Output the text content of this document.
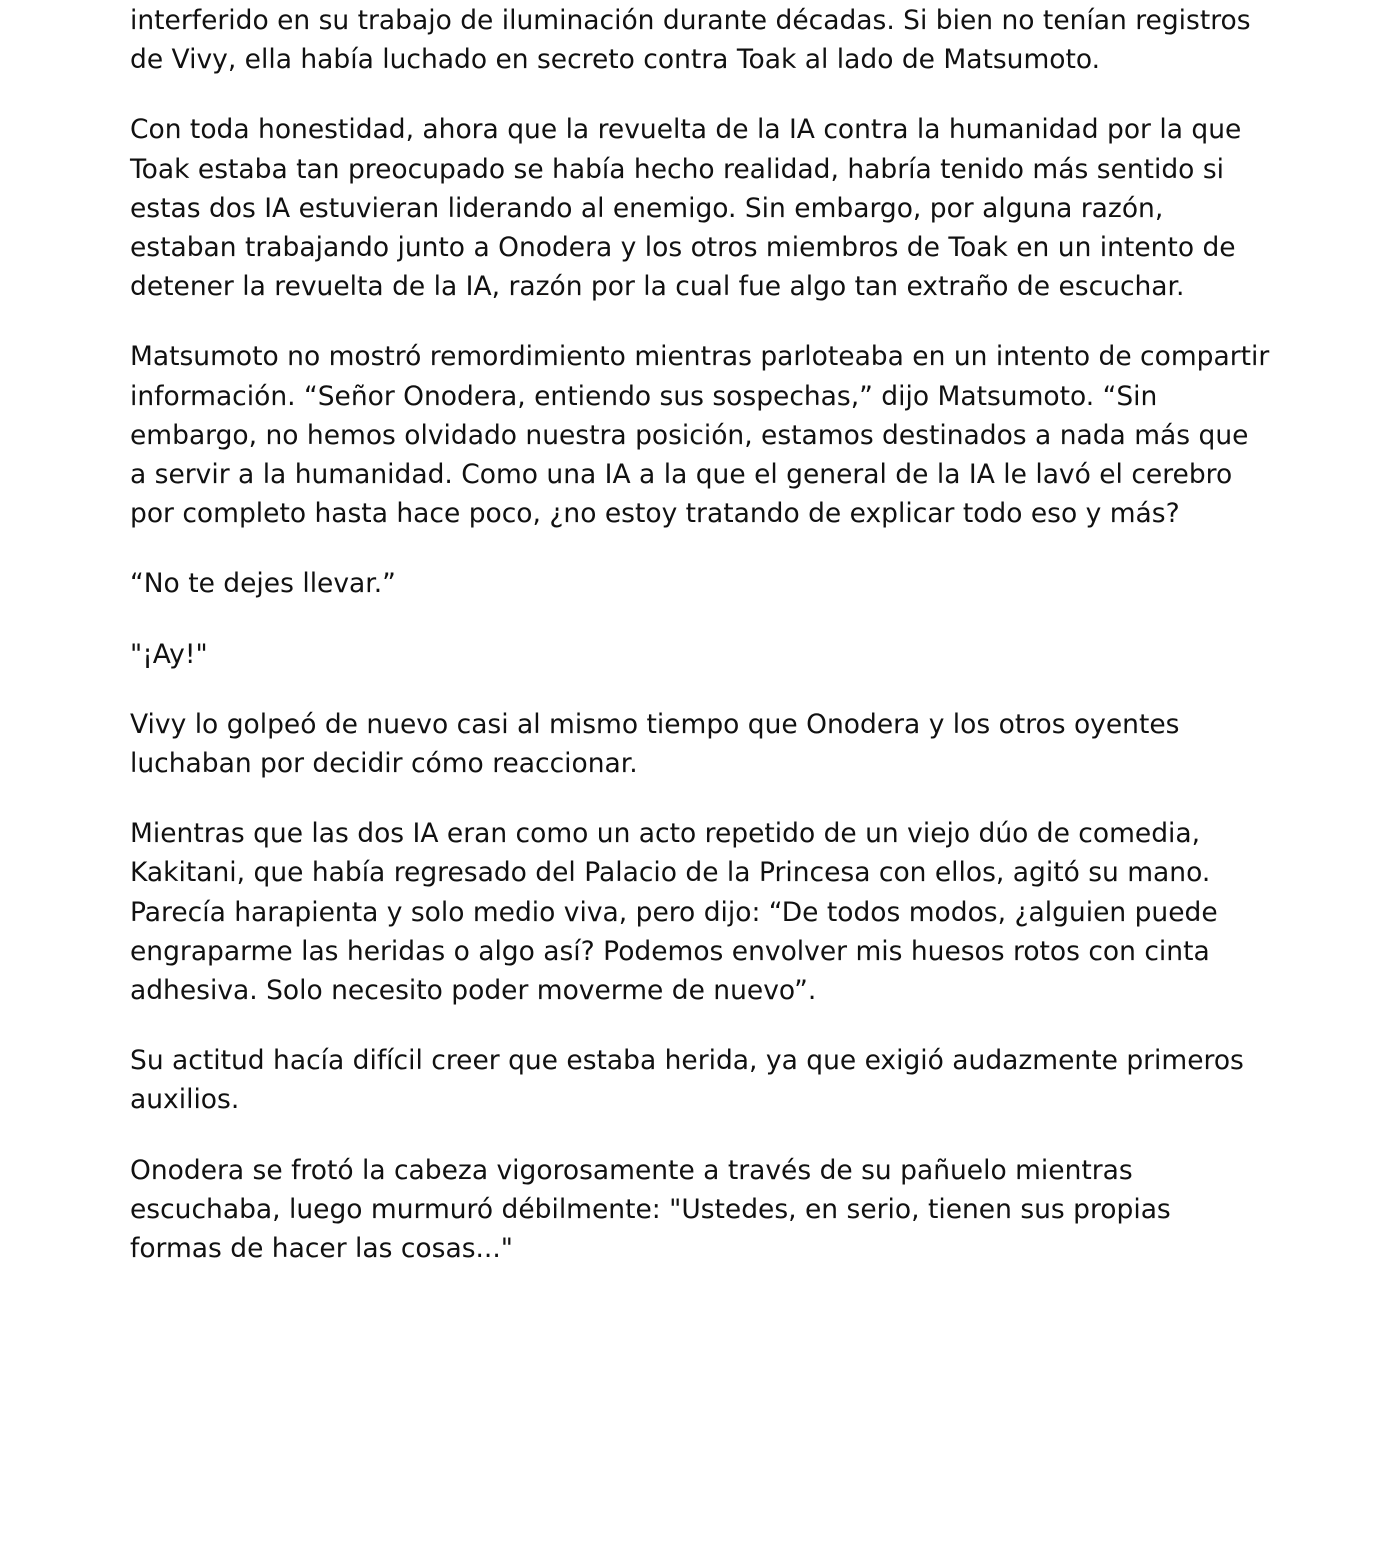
interferido en su trabajo de iluminación durante décadas. Si bien no tenían registros de Vivy, ella había luchado en secreto contra Toak al lado de Matsumoto.

Con toda honestidad, ahora que la revuelta de la IA contra la humanidad por la que Toak estaba tan preocupado se había hecho realidad, habría tenido más sentido si estas dos IA estuvieran liderando al enemigo. Sin embargo, por alguna razón, estaban trabajando junto a Onodera y los otros miembros de Toak en un intento de detener la revuelta de la IA, razón por la cual fue algo tan extraño de escuchar.

Matsumoto no mostró remordimiento mientras parloteaba en un intento de compartir información. “Señor Onodera, entiendo sus sospechas,” dijo Matsumoto. “Sin embargo, no hemos olvidado nuestra posición, estamos destinados a nada más que a servir a la humanidad. Como una IA a la que el general de la IA le lavó el cerebro por completo hasta hace poco, ¿no estoy tratando de explicar todo eso y más?

“No te dejes llevar.”

"¡Ay!"

Vivy lo golpeó de nuevo casi al mismo tiempo que Onodera y los otros oyentes luchaban por decidir cómo reaccionar.

Mientras que las dos IA eran como un acto repetido de un viejo dúo de comedia, Kakitani, que había regresado del Palacio de la Princesa con ellos, agitó su mano. Parecía harapienta y solo medio viva, pero dijo: “De todos modos, ¿alguien puede engraparme las heridas o algo así? Podemos envolver mis huesos rotos con cinta adhesiva. Solo necesito poder moverme de nuevo”.

Su actitud hacía difícil creer que estaba herida, ya que exigió audazmente primeros auxilios.

Onodera se frotó la cabeza vigorosamente a través de su pañuelo mientras escuchaba, luego murmuró débilmente: "Ustedes, en serio, tienen sus propias formas de hacer las cosas..."
